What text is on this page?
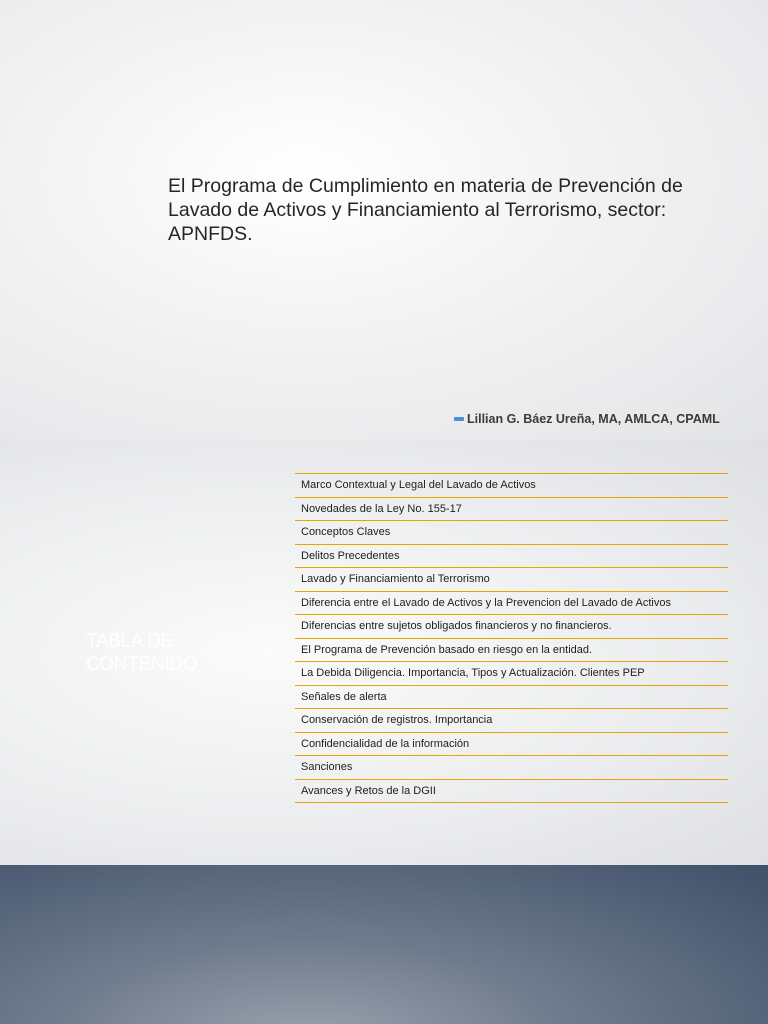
El Programa de Cumplimiento en materia de Prevención de Lavado de Activos y Financiamiento al Terrorismo, sector: APNFDS.
Lillian G. Báez Ureña, MA, AMLCA, CPAML
TABLA DE CONTENIDO
Marco Contextual y Legal del Lavado de Activos
Novedades de la Ley No. 155-17
Conceptos Claves
Delitos Precedentes
Lavado y Financiamiento al Terrorismo
Diferencia entre el Lavado de Activos y la Prevencion del Lavado de Activos
Diferencias entre sujetos obligados financieros y no financieros.
El Programa de Prevención basado en riesgo en la entidad.
La Debida Diligencia. Importancia, Tipos y Actualización. Clientes PEP
Señales de alerta
Conservación de registros. Importancia
Confidencialidad de la información
Sanciones
Avances y Retos de la DGII
